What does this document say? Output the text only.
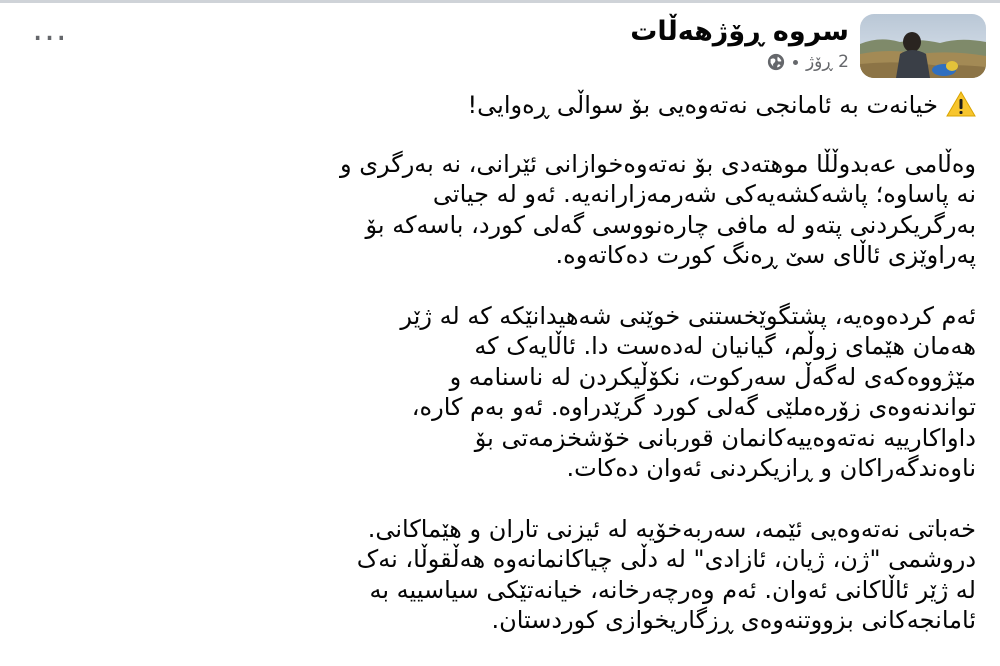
...	سروە ڕۆژهەڵات
2 ڕۆژ
خیانەت بە ئامانجی نەتەوەیی بۆ سواڵی ڕەوایی!
وەڵامی عەبدوڵڵا موهتەدی بۆ نەتەوەخوازانی ئێرانی، نە بەرگری و
نە پاساوە؛ پاشەکشەیەکی شەرمەزارانەیە. ئەو لە جیاتی
بەرگریکردنی پتەو لە مافی چارەنووسی گەلی کورد، باسەکە بۆ
پەراوێزی ئاڵای سێ ڕەنگ کورت دەکاتەوە.
ئەم کردەوەیە، پشتگوێخستنی خوێنی شەهیدانێکە کە لە ژێر
هەمان هێمای زوڵم، گیانیان لەدەست دا. ئاڵایەک کە
مێژووەکەی لەگەڵ سەرکوت، نکۆڵیکردن لە ناسنامە و
تواندنەوەی زۆرەملێی گەلی کورد گرێدراوە. ئەو بەم کارە،
داواکارییە نەتەوەییەکانمان قوربانی خۆشخزمەتی بۆ
ناوەندگەراکان و ڕازیکردنی ئەوان دەکات.
خەباتی نەتەوەیی ئێمە، سەربەخۆیە لە ئیزنی تاران و هێماکانی.
دروشمی "ژن، ژیان، ئازادی" لە دڵی چیاکانمانەوە هەڵقوڵا، نەک
لە ژێر ئاڵاکانی ئەوان. ئەم وەرچەرخانە، خیانەتێکی سیاسییە بە
ئامانجەکانی بزووتنەوەی ڕزگاریخوازی کوردستان.
